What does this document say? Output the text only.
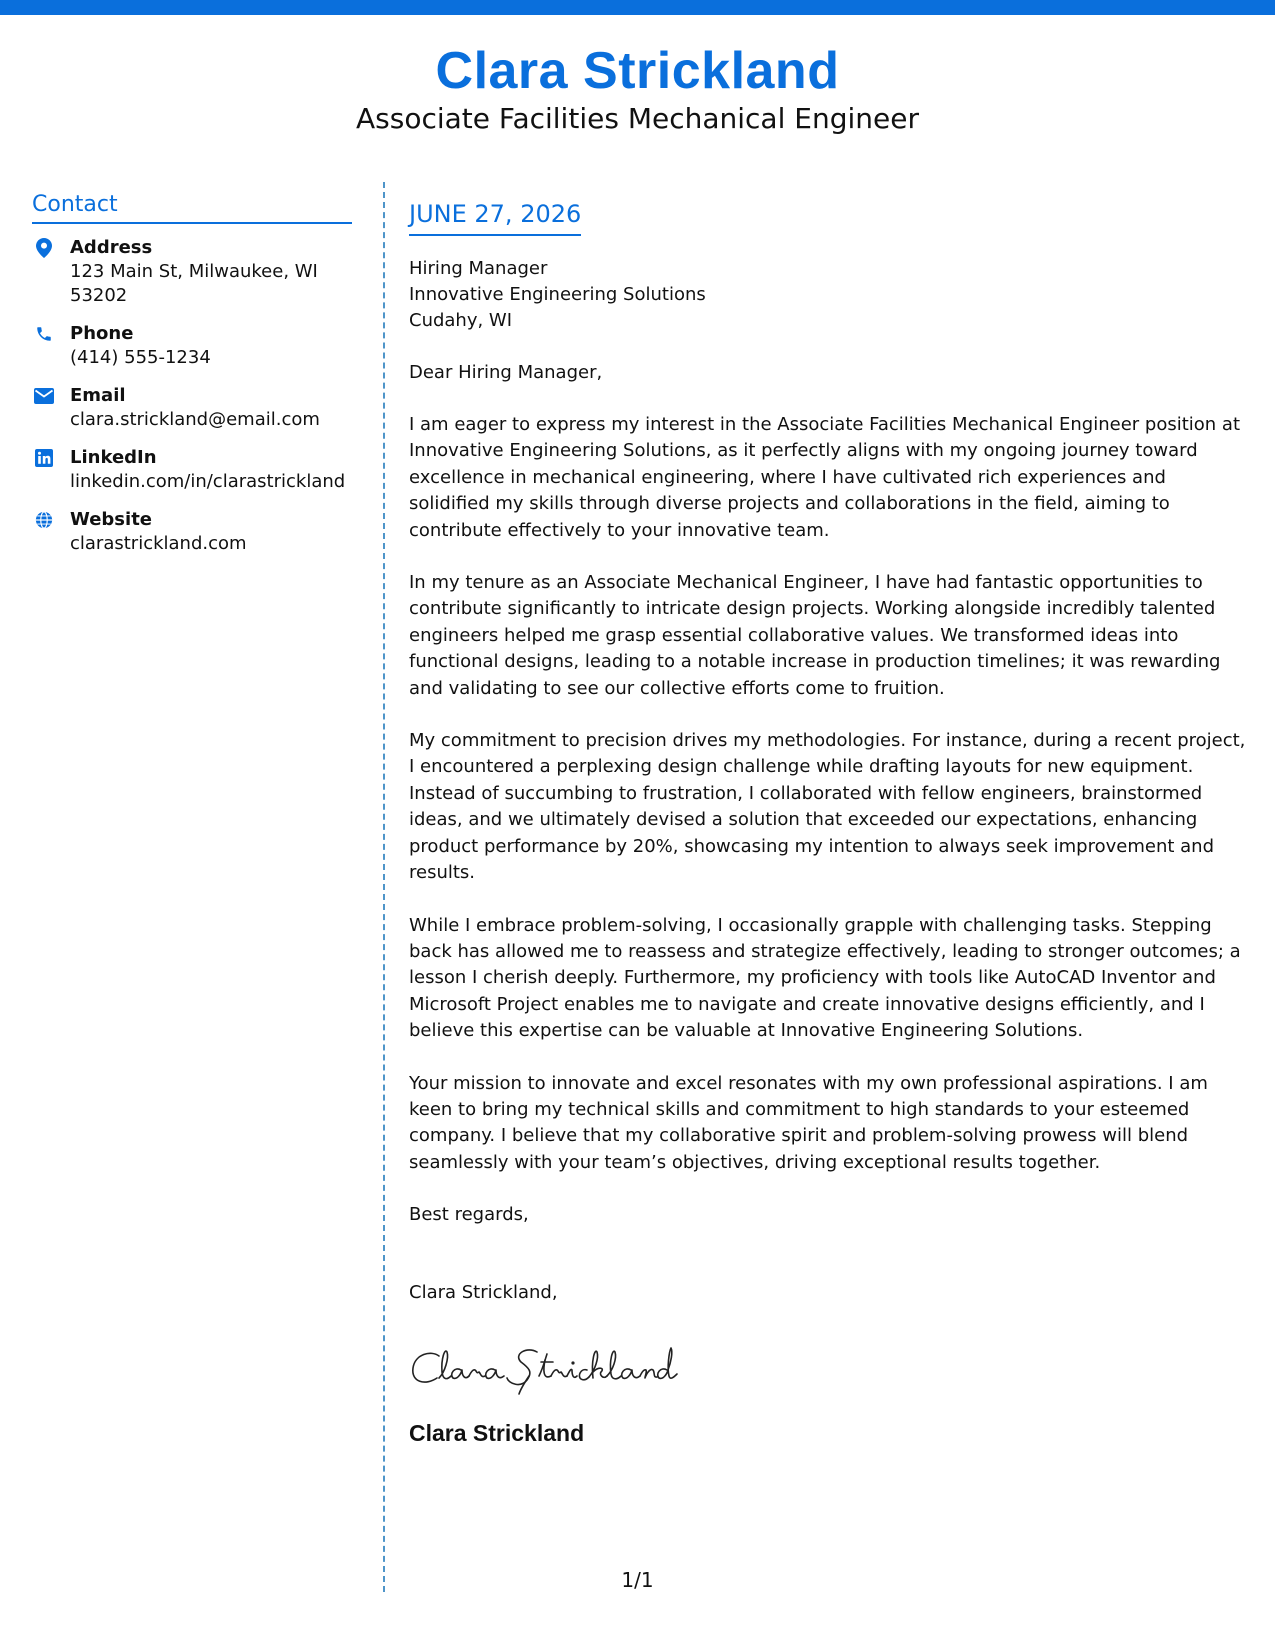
Clara Strickland
Associate Facilities Mechanical Engineer
Contact
Address
123 Main St, Milwaukee, WI 53202
Phone
(414) 555-1234
Email
clara.strickland@email.com
LinkedIn
linkedin.com/in/clarastrickland
Website
clarastrickland.com
JUNE 27, 2026
Hiring Manager
Innovative Engineering Solutions
Cudahy, WI
Dear Hiring Manager,
I am eager to express my interest in the Associate Facilities Mechanical Engineer position at Innovative Engineering Solutions, as it perfectly aligns with my ongoing journey toward excellence in mechanical engineering, where I have cultivated rich experiences and solidified my skills through diverse projects and collaborations in the field, aiming to contribute effectively to your innovative team.
In my tenure as an Associate Mechanical Engineer, I have had fantastic opportunities to contribute significantly to intricate design projects. Working alongside incredibly talented engineers helped me grasp essential collaborative values. We transformed ideas into functional designs, leading to a notable increase in production timelines; it was rewarding and validating to see our collective efforts come to fruition.
My commitment to precision drives my methodologies. For instance, during a recent project, I encountered a perplexing design challenge while drafting layouts for new equipment. Instead of succumbing to frustration, I collaborated with fellow engineers, brainstormed ideas, and we ultimately devised a solution that exceeded our expectations, enhancing product performance by 20%, showcasing my intention to always seek improvement and results.
While I embrace problem-solving, I occasionally grapple with challenging tasks. Stepping back has allowed me to reassess and strategize effectively, leading to stronger outcomes; a lesson I cherish deeply. Furthermore, my proficiency with tools like AutoCAD Inventor and Microsoft Project enables me to navigate and create innovative designs efficiently, and I believe this expertise can be valuable at Innovative Engineering Solutions.
Your mission to innovate and excel resonates with my own professional aspirations. I am keen to bring my technical skills and commitment to high standards to your esteemed company. I believe that my collaborative spirit and problem-solving prowess will blend seamlessly with your team’s objectives, driving exceptional results together.
Best regards,
Clara Strickland,
Clara Strickland
1/1
